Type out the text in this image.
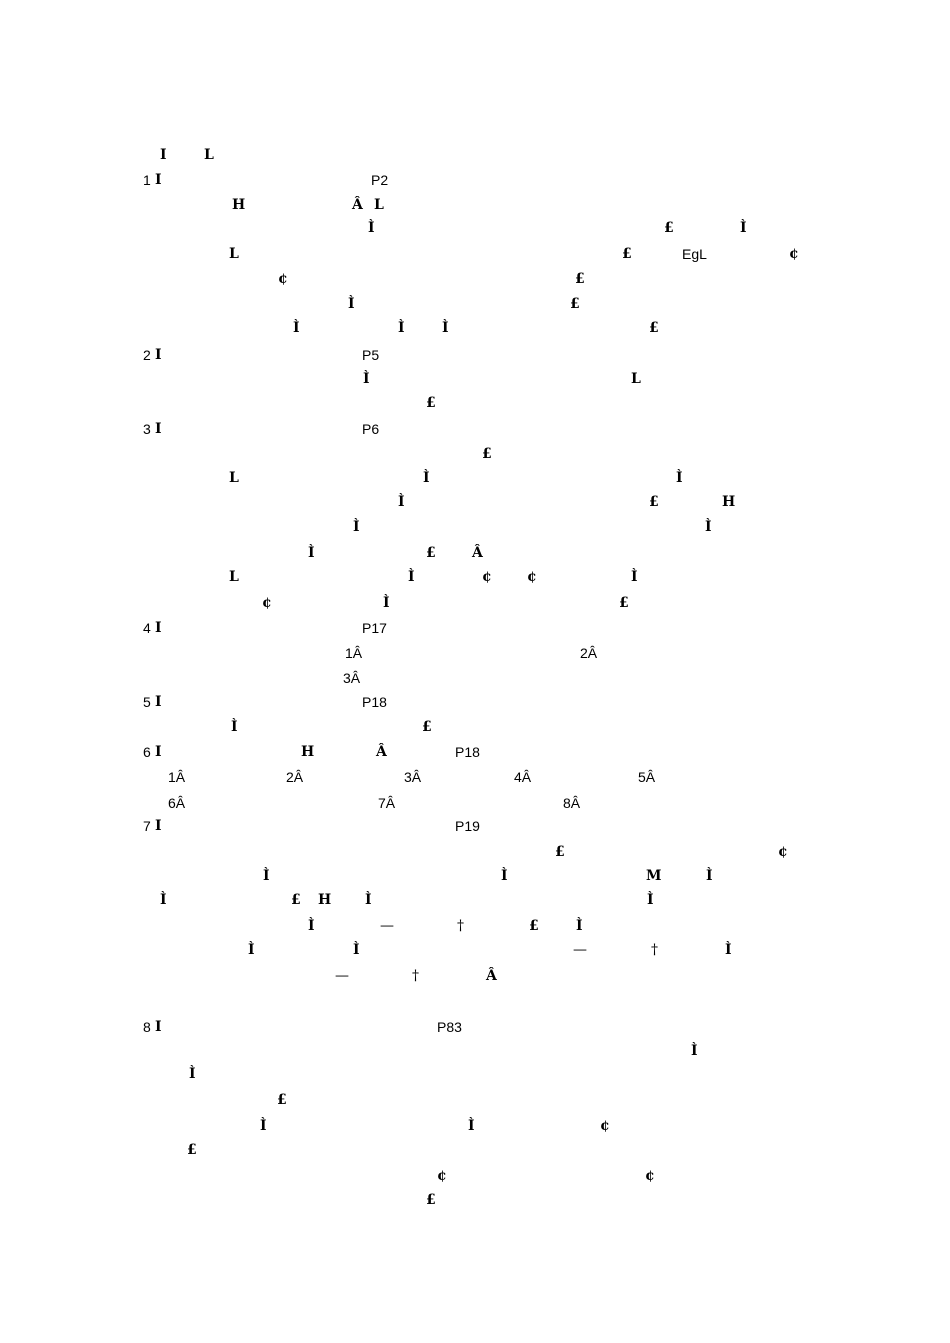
I	L
1 I	P2
H	Â L
Ì	£	Ì
L	£	EgL	¢
¢	£
Ì	£
Ì	Ì	Ì	£
2 I	P5
Ì	L
£
3 I	P6
£
L	Ì	Ì
Ì	£	H
Ì	Ì
Ì	£	Â
L	Ì	¢	¢	Ì
¢	Ì	£
4 I	P17
1Â	2Â
3Â
5 I	P18
Ì	£
6 I	H	Â	P18
1Â	2Â	3Â	4Â	5Â
6Â	7Â	8Â
7 I	P19
£	¢
Ì	Ì	M	Ì
Ì	£ H Ì	Ì
Ì	—	†	£	Ì
Ì	Ì	—	†	Ì
—	†	Â
8 I	P83
Ì
Ì
£
Ì	Ì	¢
£
¢	¢
£
